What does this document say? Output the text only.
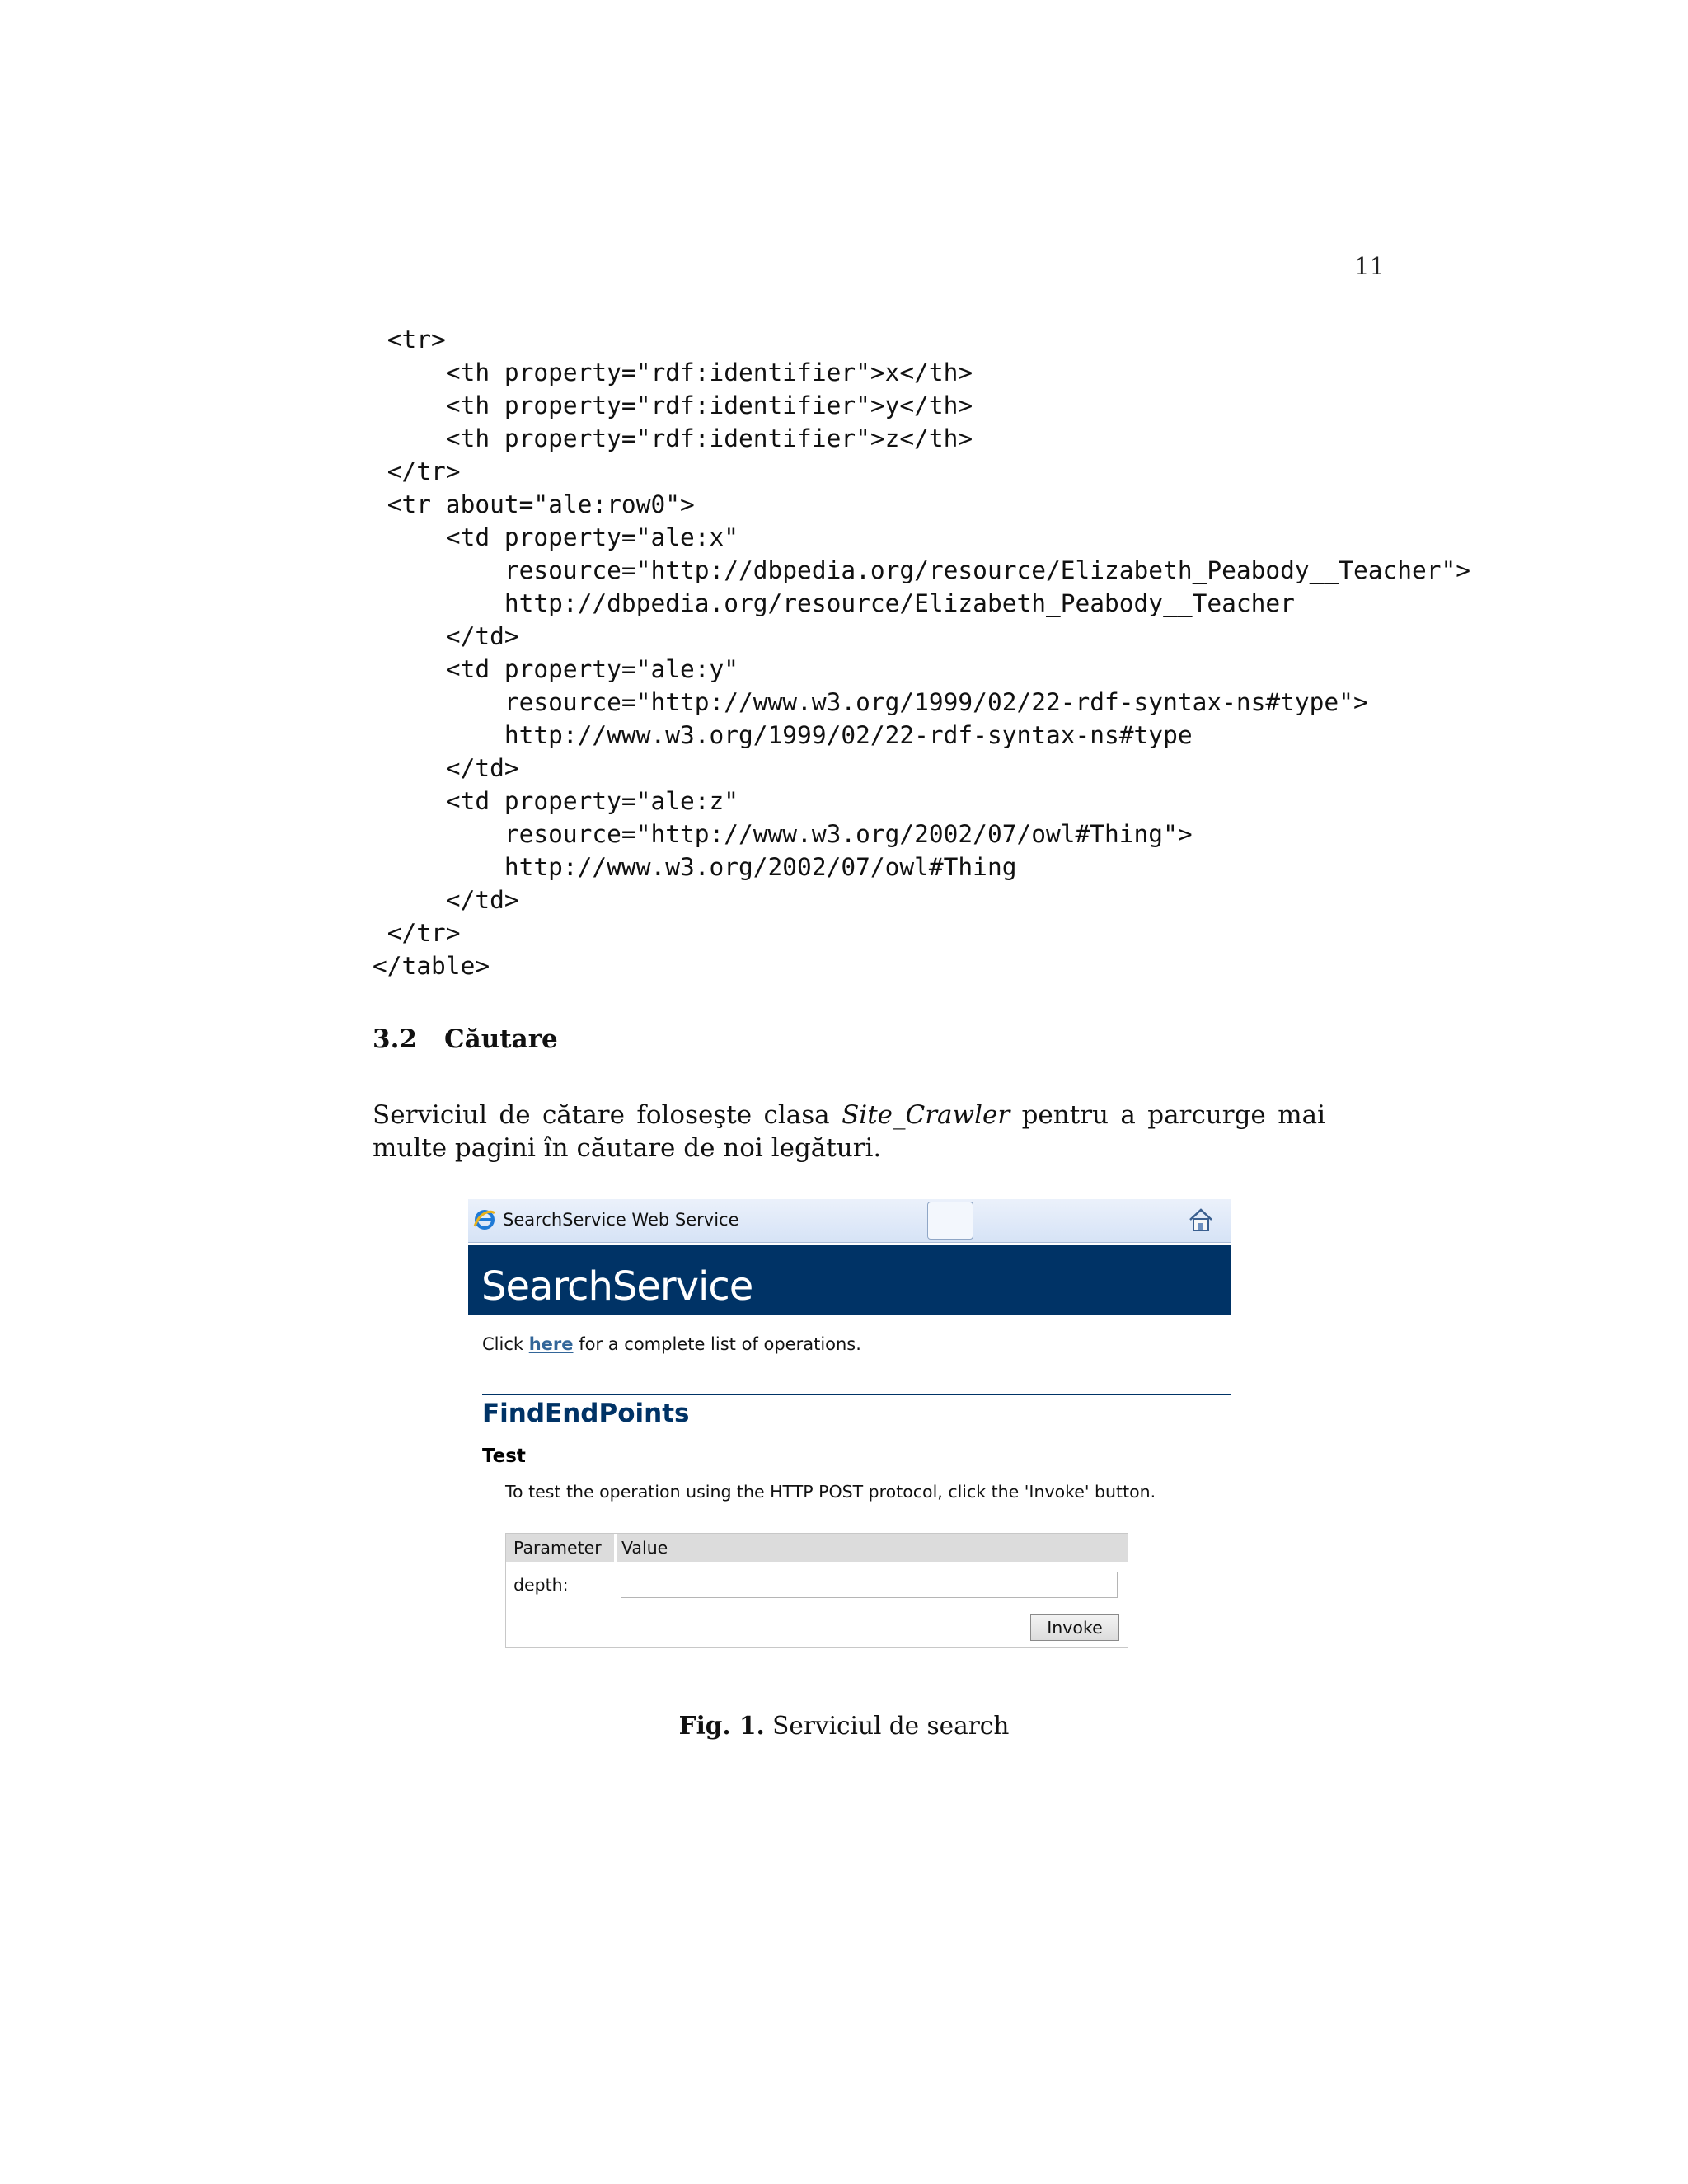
11
<tr>
<th property="rdf:identifier">x</th>
<th property="rdf:identifier">y</th>
<th property="rdf:identifier">z</th>
</tr>
<tr about="ale:row0">
<td property="ale:x"
resource="http://dbpedia.org/resource/Elizabeth_Peabody__Teacher">
http://dbpedia.org/resource/Elizabeth_Peabody__Teacher
</td>
<td property="ale:y"
resource="http://www.w3.org/1999/02/22-rdf-syntax-ns#type">
http://www.w3.org/1999/02/22-rdf-syntax-ns#type
</td>
<td property="ale:z"
resource="http://www.w3.org/2002/07/owl#Thing">
http://www.w3.org/2002/07/owl#Thing
</td>
</tr>
</table>
3.2 Căutare

Serviciul de cătare foloseşte clasa Site_Crawler pentru a parcurge mai multe pagini în căutare de noi legături.

SearchService Web Service
SearchService
Click here for a complete list of operations.
FindEndPoints
Test
To test the operation using the HTTP POST protocol, click the 'Invoke' button.
Parameter Value
depth:
Invoke
Fig. 1. Serviciul de search
